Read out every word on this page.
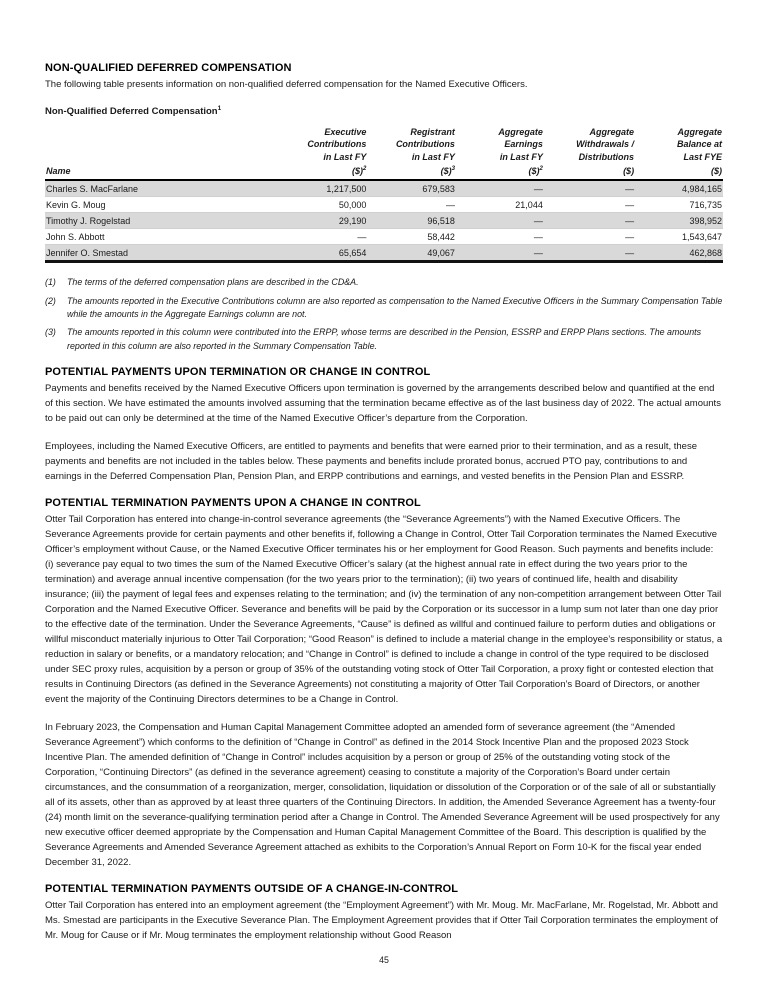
NON-QUALIFIED DEFERRED COMPENSATION

The following table presents information on non-qualified deferred compensation for the Named Executive Officers.

Non-Qualified Deferred Compensation$^1$
Name

Executive
Contributions
in Last FY
($)$^2$

Registrant
Contributions
in Last FY
($)$^3$

Aggregate
Earnings
in Last FY
($)$^2$

Aggregate
Withdrawals /
Distributions
($)

Aggregate
Balance at
Last FYE
($)

Charles S. MacFarlane	1,217,500	679,583	—	—	4,984,165
Kevin G. Moug	50,000	—	21,044	—	716,735
Timothy J. Rogelstad	29,190	96,518	—	—	398,952
John S. Abbott	—	58,442	—	—	1,543,647
Jennifer O. Smestad	65,654	49,067	—	—	462,868
(1)	The terms of the deferred compensation plans are described in the CD&A.
(2)	The amounts reported in the Executive Contributions column are also reported as compensation to the Named Executive Officers in the Summary Compensation Table while the amounts in the Aggregate Earnings column are not.
(3)	The amounts reported in this column were contributed into the ERPP, whose terms are described in the Pension, ESSRP and ERPP Plans sections. The amounts reported in this column are also reported in the Summary Compensation Table.
POTENTIAL PAYMENTS UPON TERMINATION OR CHANGE IN CONTROL

Payments and benefits received by the Named Executive Officers upon termination is governed by the arrangements described below and quantified at the end of this section. We have estimated the amounts involved assuming that the termination became effective as of the last business day of 2022. The actual amounts to be paid out can only be determined at the time of the Named Executive Officer’s departure from the Corporation.

Employees, including the Named Executive Officers, are entitled to payments and benefits that were earned prior to their termination, and as a result, these payments and benefits are not included in the tables below. These payments and benefits include prorated bonus, accrued PTO pay, contributions to and earnings in the Deferred Compensation Plan, Pension Plan, and ERPP contributions and earnings, and vested benefits in the Pension Plan and ESSRP.

POTENTIAL TERMINATION PAYMENTS UPON A CHANGE IN CONTROL

Otter Tail Corporation has entered into change-in-control severance agreements (the “Severance Agreements”) with the Named Executive Officers. The Severance Agreements provide for certain payments and other benefits if, following a Change in Control, Otter Tail Corporation terminates the Named Executive Officer’s employment without Cause, or the Named Executive Officer terminates his or her employment for Good Reason. Such payments and benefits include: (i) severance pay equal to two times the sum of the Named Executive Officer’s salary (at the highest annual rate in effect during the two years prior to the termination) and average annual incentive compensation (for the two years prior to the termination); (ii) two years of continued life, health and disability insurance; (iii) the payment of legal fees and expenses relating to the termination; and (iv) the termination of any non-competition arrangement between Otter Tail Corporation and the Named Executive Officer. Severance and benefits will be paid by the Corporation or its successor in a lump sum not later than one day prior to the effective date of the termination. Under the Severance Agreements, “Cause” is defined as willful and continued failure to perform duties and obligations or willful misconduct materially injurious to Otter Tail Corporation; “Good Reason” is defined to include a material change in the employee’s responsibility or status, a reduction in salary or benefits, or a mandatory relocation; and “Change in Control” is defined to include a change in control of the type required to be disclosed under SEC proxy rules, acquisition by a person or group of 35% of the outstanding voting stock of Otter Tail Corporation, a proxy fight or contested election that results in Continuing Directors (as defined in the Severance Agreements) not constituting a majority of Otter Tail Corporation’s Board of Directors, or another event the majority of the Continuing Directors determines to be a Change in Control.

In February 2023, the Compensation and Human Capital Management Committee adopted an amended form of severance agreement (the “Amended Severance Agreement”) which conforms to the definition of “Change in Control” as defined in the 2014 Stock Incentive Plan and the proposed 2023 Stock Incentive Plan. The amended definition of “Change in Control” includes acquisition by a person or group of 25% of the outstanding voting stock of the Corporation, “Continuing Directors” (as defined in the severance agreement) ceasing to constitute a majority of the Corporation’s Board under certain circumstances, and the consummation of a reorganization, merger, consolidation, liquidation or dissolution of the Corporation or of the sale of all or substantially all of its assets, other than as approved by at least three quarters of the Continuing Directors. In addition, the Amended Severance Agreement has a twenty-four (24) month limit on the severance-qualifying termination period after a Change in Control. The Amended Severance Agreement will be used prospectively for any new executive officer deemed appropriate by the Compensation and Human Capital Management Committee of the Board. This description is qualified by the Severance Agreements and Amended Severance Agreement attached as exhibits to the Corporation’s Annual Report on Form 10-K for the fiscal year ended December 31, 2022.

POTENTIAL TERMINATION PAYMENTS OUTSIDE OF A CHANGE-IN-CONTROL

Otter Tail Corporation has entered into an employment agreement (the “Employment Agreement”) with Mr. Moug. Mr. MacFarlane, Mr. Rogelstad, Mr. Abbott and Ms. Smestad are participants in the Executive Severance Plan. The Employment Agreement provides that if Otter Tail Corporation terminates the employment of Mr. Moug for Cause or if Mr. Moug terminates the employment relationship without Good Reason

45
